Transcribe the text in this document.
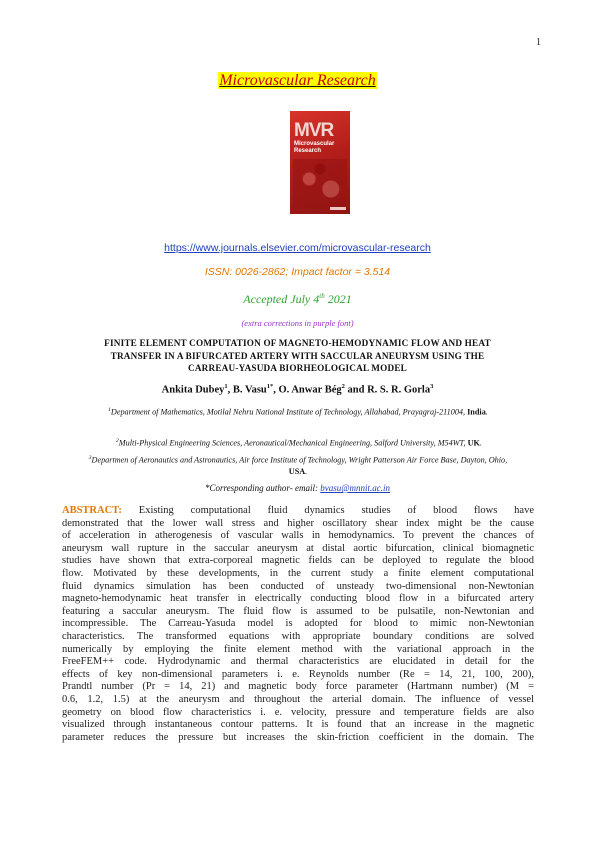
1
Microvascular Research
MVR
Microvascular
Research
https://www.journals.elsevier.com/microvascular-research
ISSN: 0026-2862; Impact factor = 3.514
Accepted July 4th 2021
(extra corrections in purple font)
FINITE ELEMENT COMPUTATION OF MAGNETO-HEMODYNAMIC FLOW AND HEAT
TRANSFER IN A BIFURCATED ARTERY WITH SACCULAR ANEURYSM USING THE
CARREAU-YASUDA BIORHEOLOGICAL MODEL
Ankita Dubey$^1$, B. Vasu$^{1*}$, O. Anwar Bég$^2$ and R. S. R. Gorla$^3$
$^1$Department of Mathematics, Motilal Nehru National Institute of Technology, Allahabad, Prayagraj-211004, India.
$^2$Multi-Physical Engineering Sciences, Aeronautical/Mechanical Engineering, Salford University, M54WT, UK.
$^3$Departmen of Aeronautics and Astronautics, Air force Institute of Technology, Wright Patterson Air Force Base, Dayton, Ohio, USA.
*Corresponding author- email: bvasu@mnnit.ac.in
ABSTRACT: Existing computational fluid dynamics studies of blood flows have
demonstrated that the lower wall stress and higher oscillatory shear index might be the cause
of acceleration in atherogenesis of vascular walls in hemodynamics. To prevent the chances of
aneurysm wall rupture in the saccular aneurysm at distal aortic bifurcation, clinical biomagnetic
studies have shown that extra-corporeal magnetic fields can be deployed to regulate the blood
flow. Motivated by these developments, in the current study a finite element computational
fluid dynamics simulation has been conducted of unsteady two-dimensional non-Newtonian
magneto-hemodynamic heat transfer in electrically conducting blood flow in a bifurcated artery
featuring a saccular aneurysm. The fluid flow is assumed to be pulsatile, non-Newtonian and
incompressible. The Carreau-Yasuda model is adopted for blood to mimic non-Newtonian
characteristics. The transformed equations with appropriate boundary conditions are solved
numerically by employing the finite element method with the variational approach in the
FreeFEM++ code. Hydrodynamic and thermal characteristics are elucidated in detail for the
effects of key non-dimensional parameters i. e. Reynolds number (Re = 14, 21, 100, 200),
Prandtl number (Pr = 14, 21) and magnetic body force parameter (Hartmann number) (M =
0.6, 1.2, 1.5) at the aneurysm and throughout the arterial domain. The influence of vessel
geometry on blood flow characteristics i. e. velocity, pressure and temperature fields are also
visualized through instantaneous contour patterns. It is found that an increase in the magnetic
parameter reduces the pressure but increases the skin-friction coefficient in the domain. The
